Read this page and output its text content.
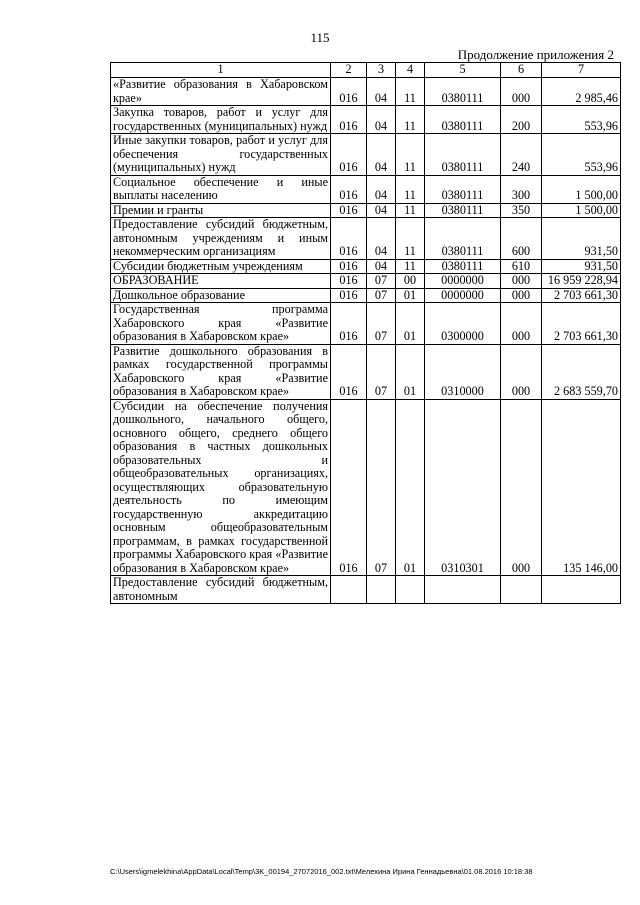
115
Продолжение приложения 2
1	2	3	4	5	6	7
«Развитие образования в Хабаровском крае»	016	04	11	0380111	000	2 985,46
Закупка товаров, работ и услуг для государственных (муниципальных) нужд	016	04	11	0380111	200	553,96
Иные закупки товаров, работ и услуг для обеспечения государственных (муниципальных) нужд	016	04	11	0380111	240	553,96
Социальное обеспечение и иные выплаты населению	016	04	11	0380111	300	1 500,00
Премии и гранты	016	04	11	0380111	350	1 500,00
Предоставление субсидий бюджетным, автономным учреждениям и иным некоммерческим организациям	016	04	11	0380111	600	931,50
Субсидии бюджетным учреждениям	016	04	11	0380111	610	931,50
ОБРАЗОВАНИЕ	016	07	00	0000000	000	16 959 228,94
Дошкольное образование	016	07	01	0000000	000	2 703 661,30
Государственная программа Хабаровского края «Развитие образования в Хабаровском крае»	016	07	01	0300000	000	2 703 661,30
Развитие дошкольного образования в рамках государственной программы Хабаровского края «Развитие образования в Хабаровском крае»	016	07	01	0310000	000	2 683 559,70
Субсидии на обеспечение получения дошкольного, начального общего, основного общего, среднего общего образования в частных дошкольных образовательных и общеобразовательных организациях, осуществляющих образовательную деятельность по имеющим государственную аккредитацию основным общеобразовательным программам, в рамках государственной программы Хабаровского края «Развитие образования в Хабаровском крае»	016	07	01	0310301	000	135 146,00
Предоставление субсидий бюджетным, автономным						
C:\Users\igmelekhina\AppData\Local\Temp\3K_00194_27072016_002.txt\Мелехина Ирина Геннадьевна\01.08.2016 10:18:38
